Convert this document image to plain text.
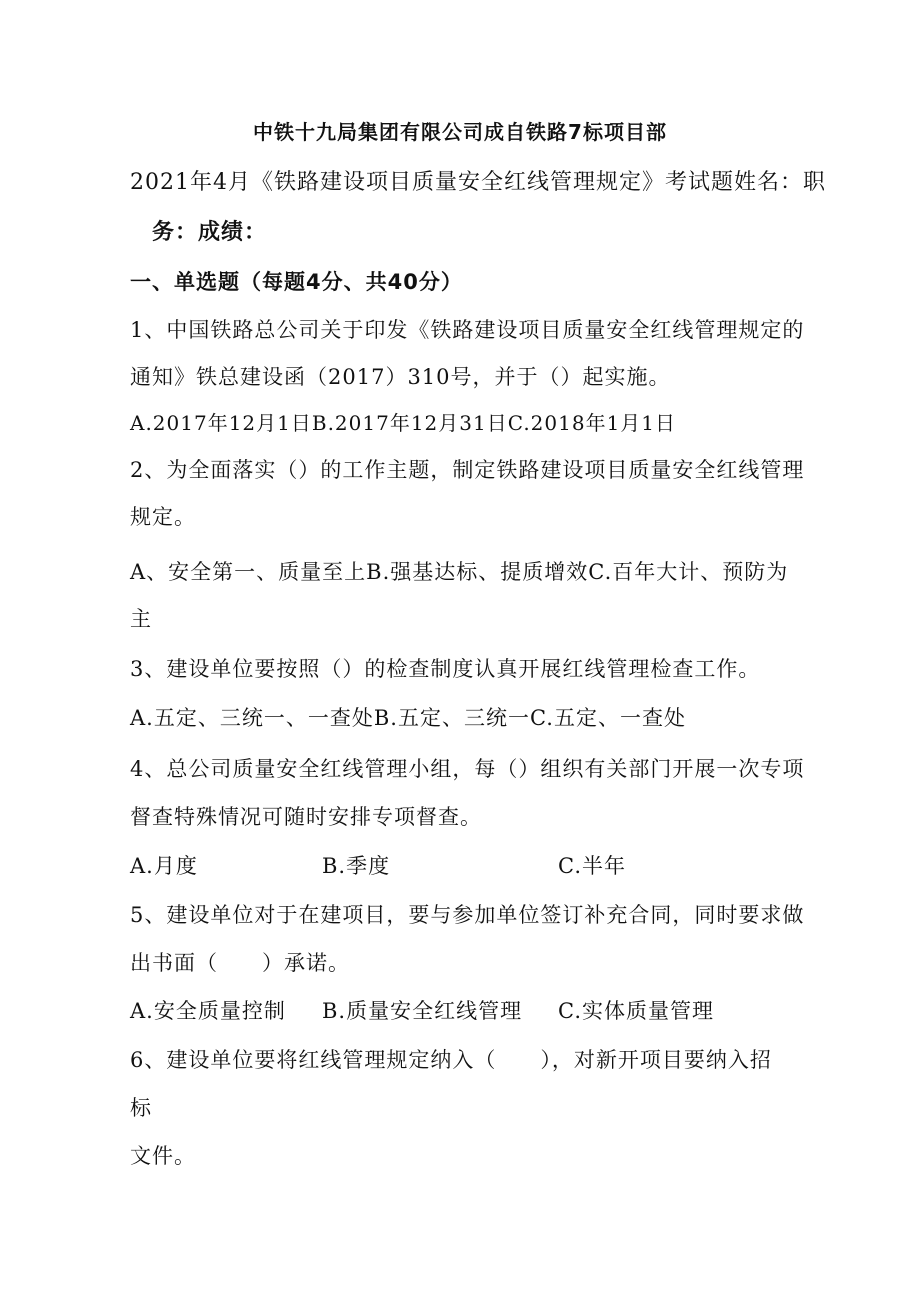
中铁十九局集团有限公司成自铁路7标项目部

2021年4月《铁路建设项目质量安全红线管理规定》考试题姓名：职

务：成绩：

一、单选题（每题4分、共40分）

1、中国铁路总公司关于印发《铁路建设项目质量安全红线管理规定的

通知》铁总建设函（2017）310号，并于（）起实施。

A.2017年12月1日B.2017年12月31日C.2018年1月1日

2、为全面落实（）的工作主题，制定铁路建设项目质量安全红线管理

规定。

A、安全第一、质量至上B.强基达标、提质增效C.百年大计、预防为

主

3、建设单位要按照（）的检查制度认真开展红线管理检查工作。

A.五定、三统一、一查处B.五定、三统一C.五定、一查处

4、总公司质量安全红线管理小组，每（）组织有关部门开展一次专项

督查特殊情况可随时安排专项督查。

A.月度	B.季度	C.半年

5、建设单位对于在建项目，要与参加单位签订补充合同，同时要求做

出书面（　　）承诺。

A.安全质量控制 B.质量安全红线管理 C.实体质量管理

6、建设单位要将红线管理规定纳入（　　），对新开项目要纳入招

标

文件。
